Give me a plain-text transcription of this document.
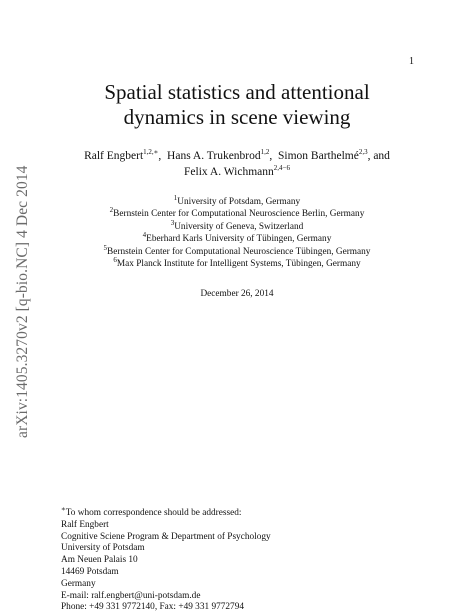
1
arXiv:1405.3270v2 [q-bio.NC] 4 Dec 2014
Spatial statistics and attentional
dynamics in scene viewing
Ralf Engbert$^{1,2,∗}$,  Hans A. Trukenbrod$^{1,2}$,  Simon Barthelmé$^{2,3}$, and
Felix A. Wichmann$^{2,4-6}$
$^1$University of Potsdam, Germany
$^2$Bernstein Center for Computational Neuroscience Berlin, Germany
$^3$University of Geneva, Switzerland
$^4$Eberhard Karls University of Tübingen, Germany
$^5$Bernstein Center for Computational Neuroscience Tübingen, Germany
$^6$Max Planck Institute for Intelligent Systems, Tübingen, Germany
December 26, 2014
∗To whom correspondence should be addressed:
Ralf Engbert
Cognitive Sciene Program & Department of Psychology
University of Potsdam
Am Neuen Palais 10
14469 Potsdam
Germany
E-mail: ralf.engbert@uni-potsdam.de
Phone: +49 331 9772140, Fax: +49 331 9772794
